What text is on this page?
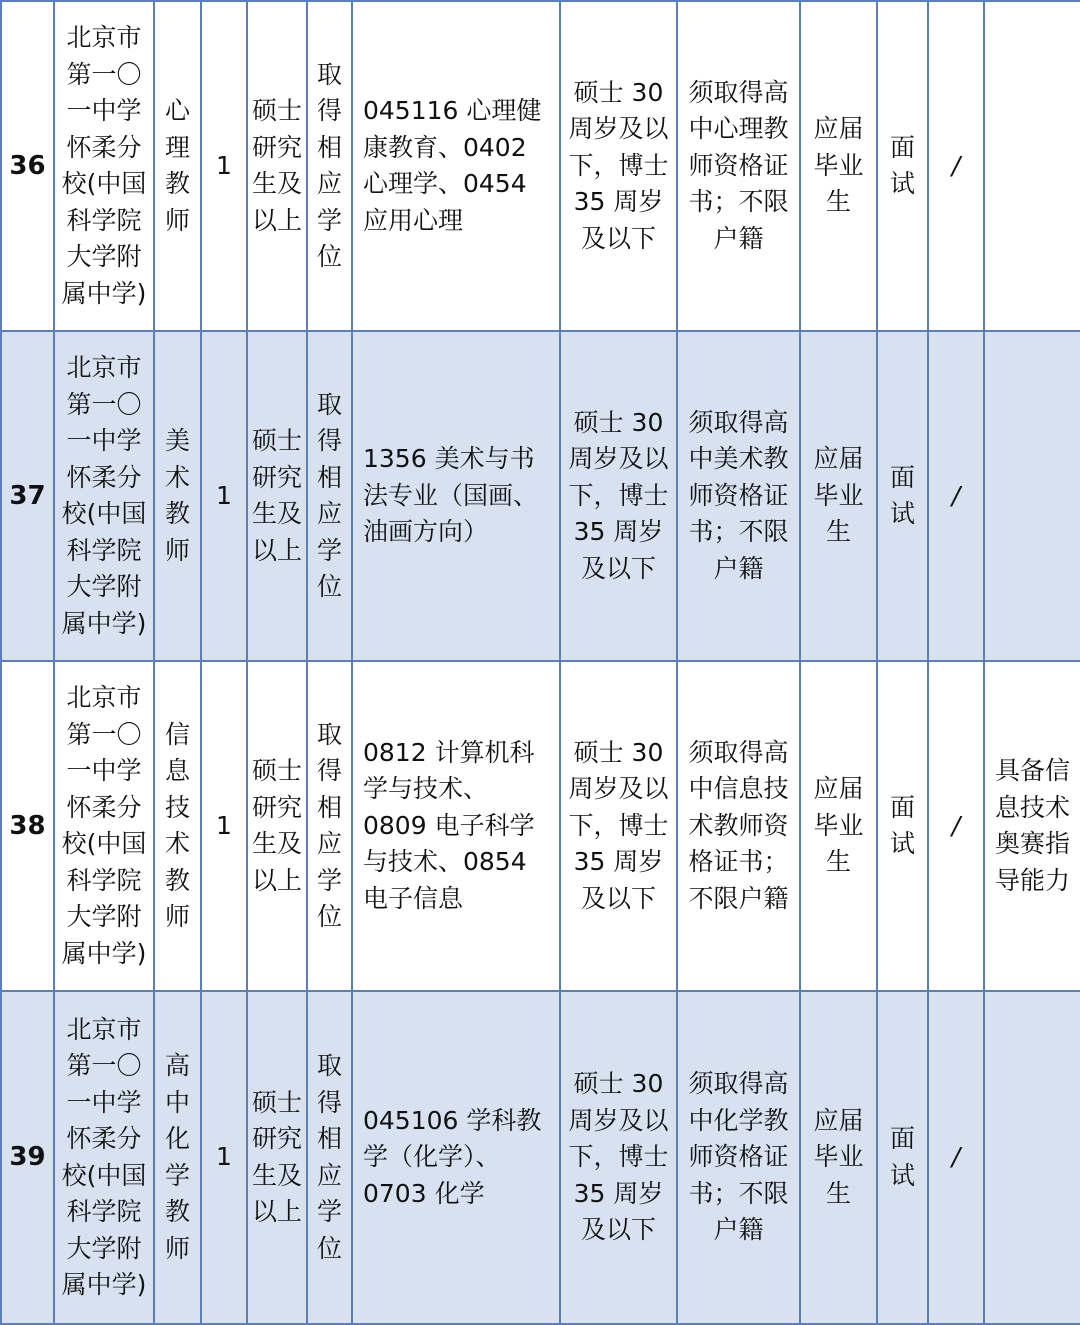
36	北京市第一〇一中学怀柔分校(中国科学院大学附属中学)	心理教师	1	硕士研究生及以上	取得相应学位	045116 心理健康教育、0402 心理学、0454 应用心理	硕士 30 周岁及以下，博士 35 周岁及以下	须取得高中心理教师资格证书；不限户籍	应届毕业生	面试	/	
37	北京市第一〇一中学怀柔分校(中国科学院大学附属中学)	美术教师	1	硕士研究生及以上	取得相应学位	1356 美术与书法专业（国画、油画方向）	硕士 30 周岁及以下，博士 35 周岁及以下	须取得高中美术教师资格证书；不限户籍	应届毕业生	面试	/	
38	北京市第一〇一中学怀柔分校(中国科学院大学附属中学)	信息技术教师	1	硕士研究生及以上	取得相应学位	0812 计算机科学与技术、0809 电子科学与技术、0854 电子信息	硕士 30 周岁及以下，博士 35 周岁及以下	须取得高中信息技术教师资格证书；不限户籍	应届毕业生	面试	/	具备信息技术奥赛指导能力
39	北京市第一〇一中学怀柔分校(中国科学院大学附属中学)	高中化学教师	1	硕士研究生及以上	取得相应学位	045106 学科教学（化学）、0703 化学	硕士 30 周岁及以下，博士 35 周岁及以下	须取得高中化学教师资格证书；不限户籍	应届毕业生	面试	/	
